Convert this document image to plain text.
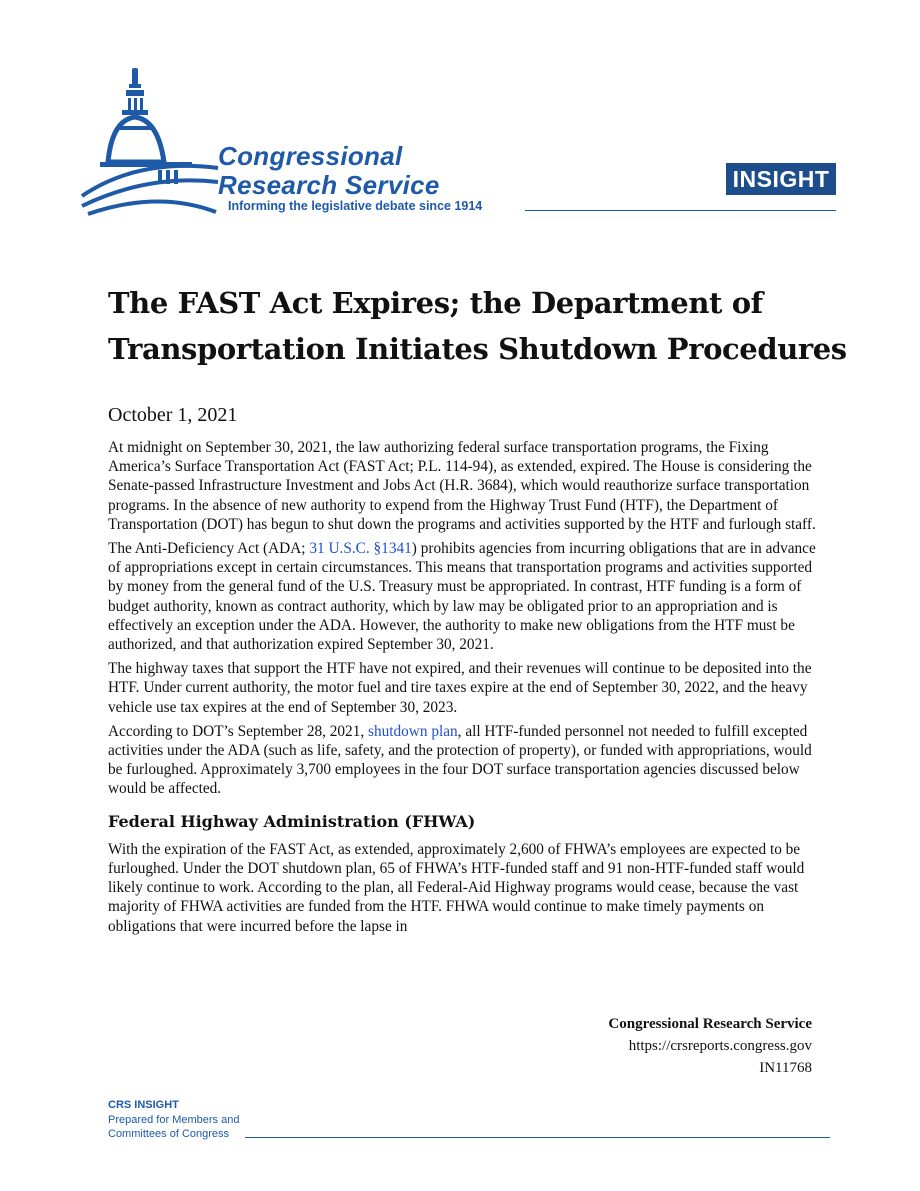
Congressional
Research Service
Informing the legislative debate since 1914
INSIGHT
The FAST Act Expires; the Department of
Transportation Initiates Shutdown Procedures
October 1, 2021

At midnight on September 30, 2021, the law authorizing federal surface transportation programs, the Fixing America’s Surface Transportation Act (FAST Act; P.L. 114-94), as extended, expired. The House is considering the Senate-passed Infrastructure Investment and Jobs Act (H.R. 3684), which would reauthorize surface transportation programs. In the absence of new authority to expend from the Highway Trust Fund (HTF), the Department of Transportation (DOT) has begun to shut down the programs and activities supported by the HTF and furlough staff.

The Anti-Deficiency Act (ADA; 31 U.S.C. §1341) prohibits agencies from incurring obligations that are in advance of appropriations except in certain circumstances. This means that transportation programs and activities supported by money from the general fund of the U.S. Treasury must be appropriated. In contrast, HTF funding is a form of budget authority, known as contract authority, which by law may be obligated prior to an appropriation and is effectively an exception under the ADA. However, the authority to make new obligations from the HTF must be authorized, and that authorization expired September 30, 2021.

The highway taxes that support the HTF have not expired, and their revenues will continue to be deposited into the HTF. Under current authority, the motor fuel and tire taxes expire at the end of September 30, 2022, and the heavy vehicle use tax expires at the end of September 30, 2023.

According to DOT’s September 28, 2021, shutdown plan, all HTF-funded personnel not needed to fulfill excepted activities under the ADA (such as life, safety, and the protection of property), or funded with appropriations, would be furloughed. Approximately 3,700 employees in the four DOT surface transportation agencies discussed below would be affected.

Federal Highway Administration (FHWA)

With the expiration of the FAST Act, as extended, approximately 2,600 of FHWA’s employees are expected to be furloughed. Under the DOT shutdown plan, 65 of FHWA’s HTF-funded staff and 91 non-HTF-funded staff would likely continue to work. According to the plan, all Federal-Aid Highway programs would cease, because the vast majority of FHWA activities are funded from the HTF. FHWA would continue to make timely payments on obligations that were incurred before the lapse in

Congressional Research Service
https://crsreports.congress.gov
IN11768
CRS INSIGHT
Prepared for Members and
Committees of Congress
